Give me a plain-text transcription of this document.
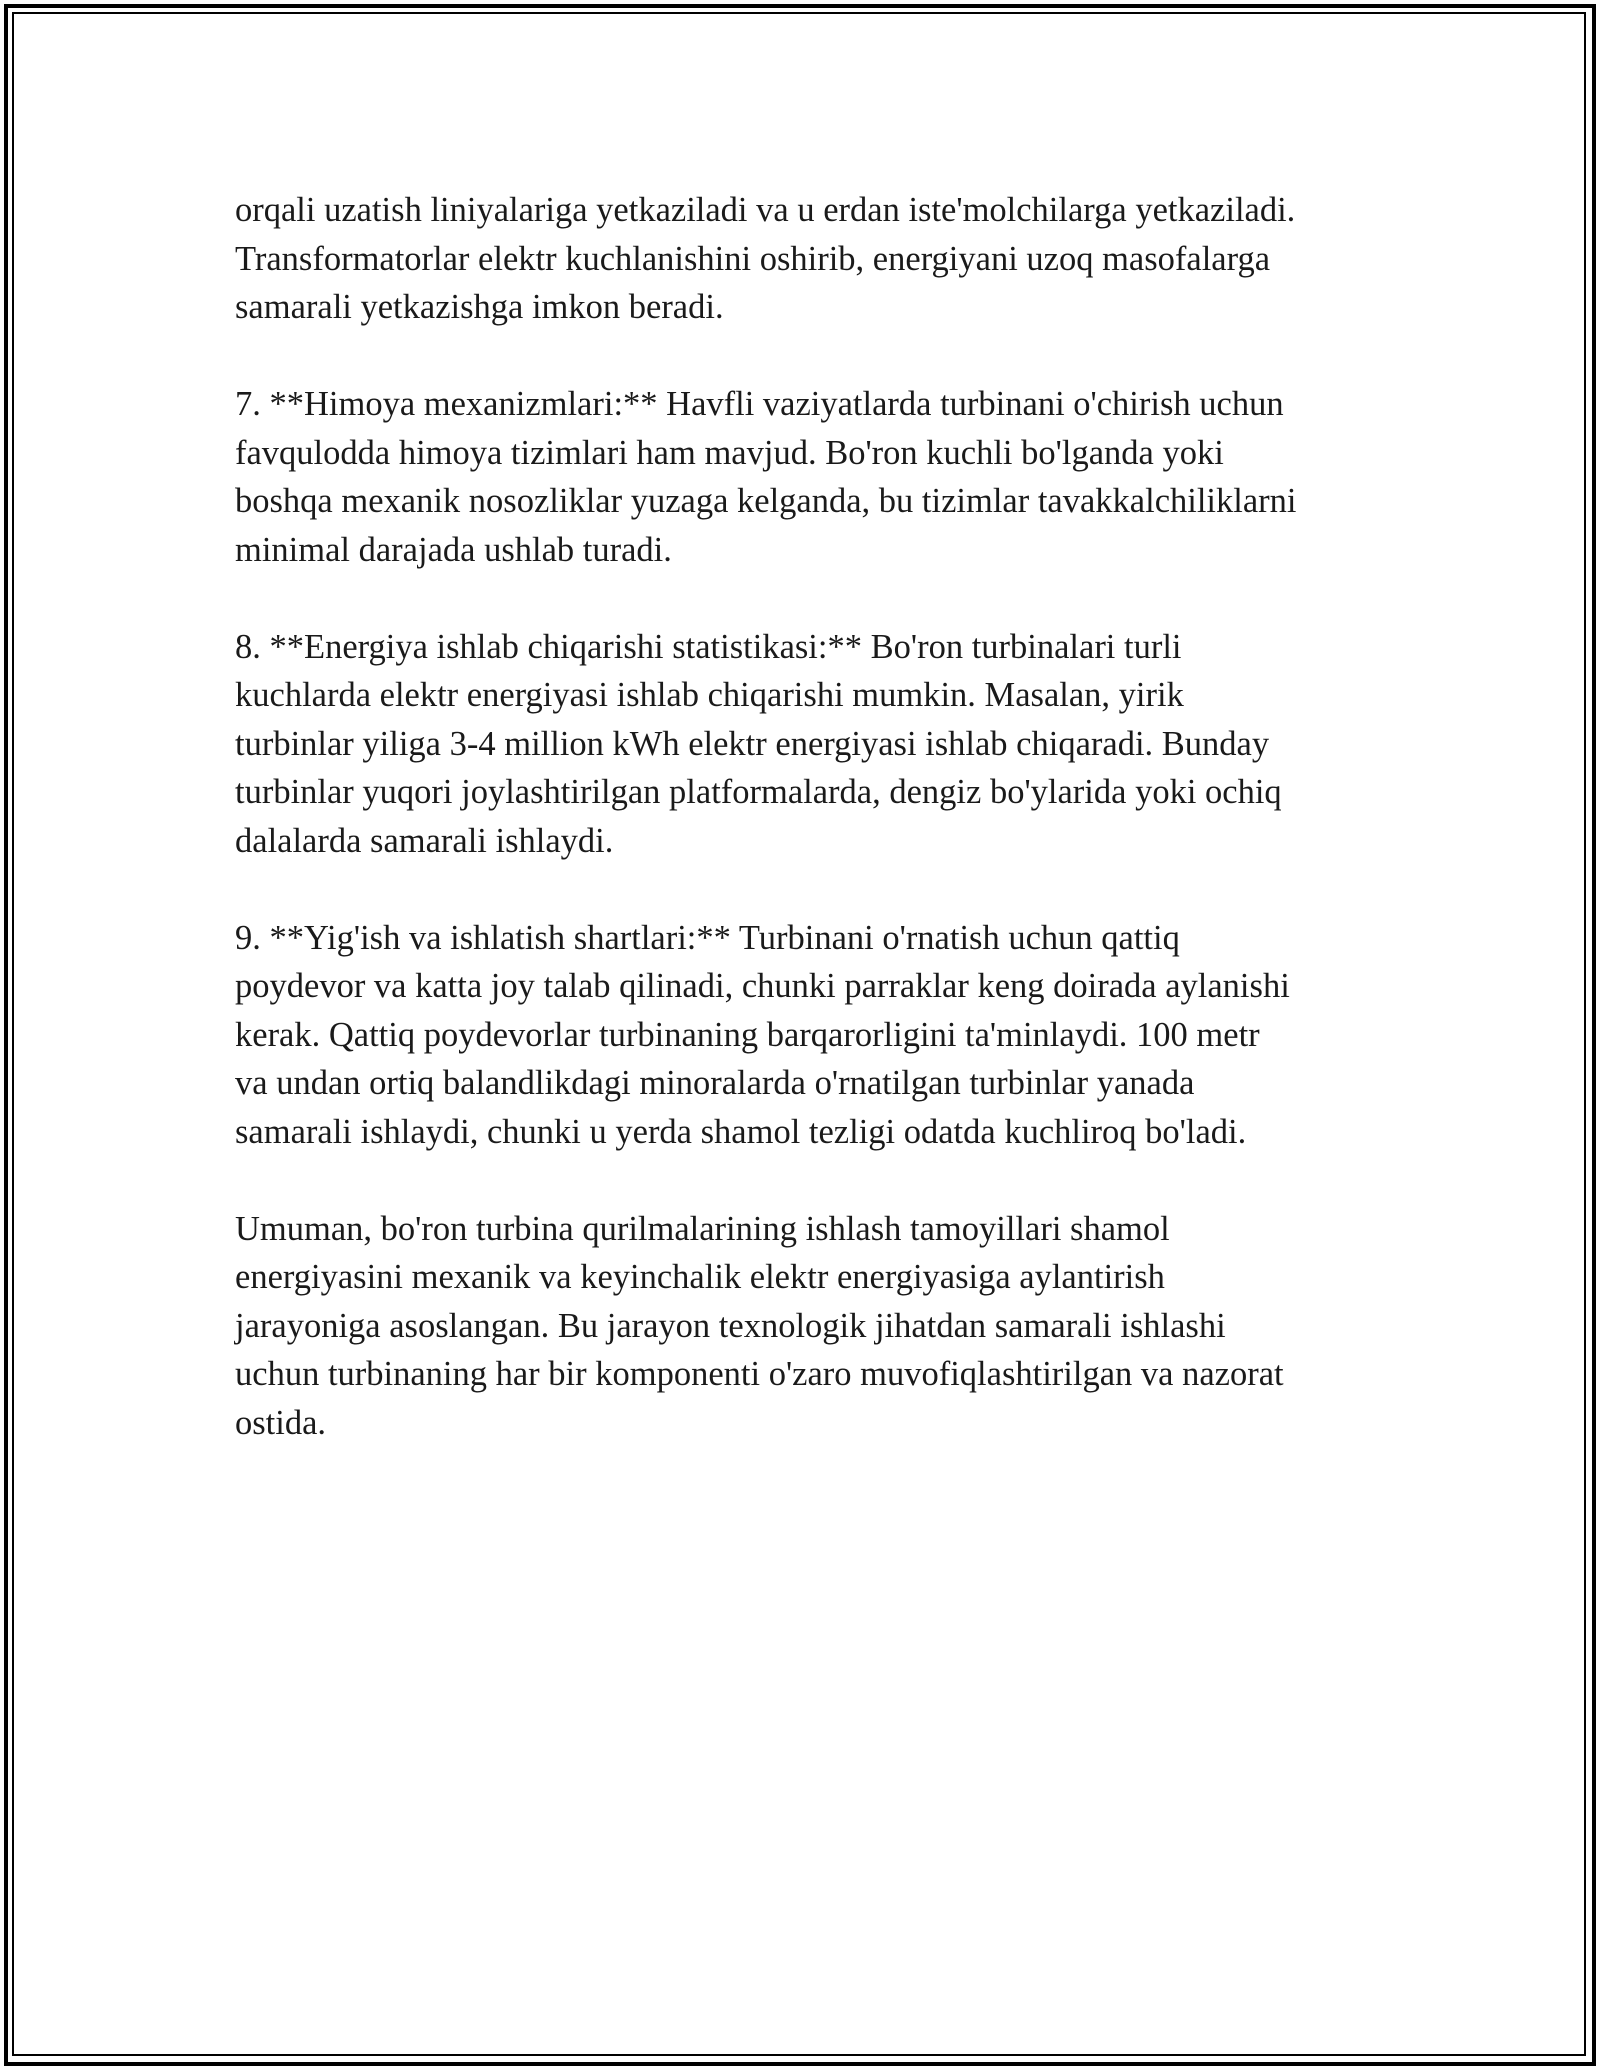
orqali uzatish liniyalariga yetkaziladi va u erdan iste'molchilarga yetkaziladi.
Transformatorlar elektr kuchlanishini oshirib, energiyani uzoq masofalarga
samarali yetkazishga imkon beradi.

7. **Himoya mexanizmlari:** Havfli vaziyatlarda turbinani o'chirish uchun
favqulodda himoya tizimlari ham mavjud. Bo'ron kuchli bo'lganda yoki
boshqa mexanik nosozliklar yuzaga kelganda, bu tizimlar tavakkalchiliklarni
minimal darajada ushlab turadi.

8. **Energiya ishlab chiqarishi statistikasi:** Bo'ron turbinalari turli
kuchlarda elektr energiyasi ishlab chiqarishi mumkin. Masalan, yirik
turbinlar yiliga 3-4 million kWh elektr energiyasi ishlab chiqaradi. Bunday
turbinlar yuqori joylashtirilgan platformalarda, dengiz bo'ylarida yoki ochiq
dalalarda samarali ishlaydi.

9. **Yig'ish va ishlatish shartlari:** Turbinani o'rnatish uchun qattiq
poydevor va katta joy talab qilinadi, chunki parraklar keng doirada aylanishi
kerak. Qattiq poydevorlar turbinaning barqarorligini ta'minlaydi. 100 metr
va undan ortiq balandlikdagi minoralarda o'rnatilgan turbinlar yanada
samarali ishlaydi, chunki u yerda shamol tezligi odatda kuchliroq bo'ladi.

Umuman, bo'ron turbina qurilmalarining ishlash tamoyillari shamol
energiyasini mexanik va keyinchalik elektr energiyasiga aylantirish
jarayoniga asoslangan. Bu jarayon texnologik jihatdan samarali ishlashi
uchun turbinaning har bir komponenti o'zaro muvofiqlashtirilgan va nazorat
ostida.
